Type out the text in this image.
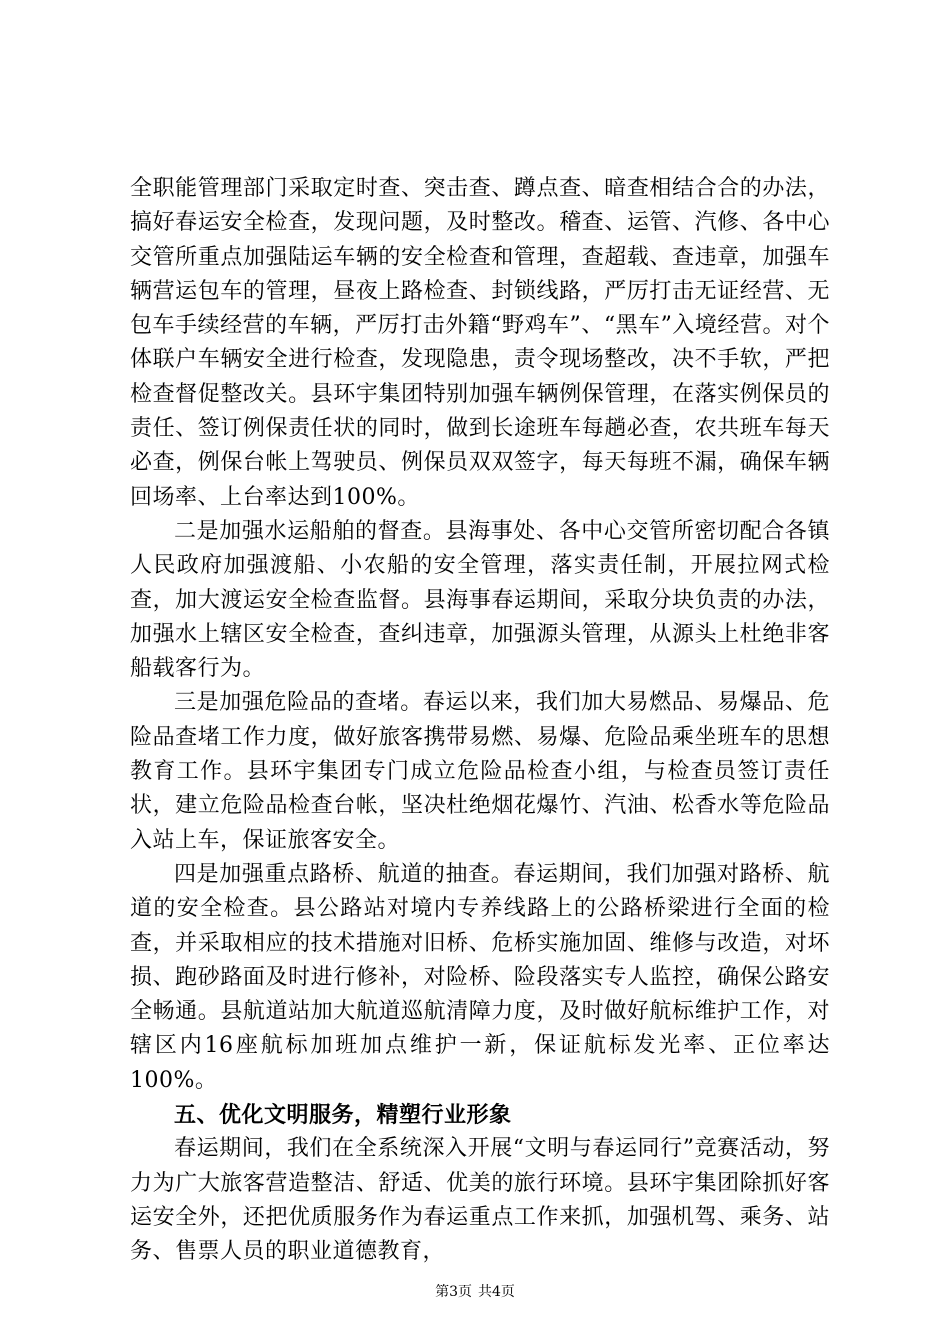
全职能管理部门采取定时查、突击查、蹲点查、暗查相结合合的办法，搞好春运安全检查，发现问题，及时整改。稽查、运管、汽修、各中心交管所重点加强陆运车辆的安全检查和管理，查超载、查违章，加强车辆营运包车的管理，昼夜上路检查、封锁线路，严厉打击无证经营、无包车手续经营的车辆，严厉打击外籍“野鸡车”、“黑车”入境经营。对个体联户车辆安全进行检查，发现隐患，责令现场整改，决不手软，严把检查督促整改关。县环宇集团特别加强车辆例保管理，在落实例保员的责任、签订例保责任状的同时，做到长途班车每趟必查，农共班车每天必查，例保台帐上驾驶员、例保员双双签字，每天每班不漏，确保车辆回场率、上台率达到100%。

二是加强水运船舶的督查。县海事处、各中心交管所密切配合各镇人民政府加强渡船、小农船的安全管理，落实责任制，开展拉网式检查，加大渡运安全检查监督。县海事春运期间，采取分块负责的办法，加强水上辖区安全检查，查纠违章，加强源头管理，从源头上杜绝非客船载客行为。

三是加强危险品的查堵。春运以来，我们加大易燃品、易爆品、危险品查堵工作力度，做好旅客携带易燃、易爆、危险品乘坐班车的思想教育工作。县环宇集团专门成立危险品检查小组，与检查员签订责任状，建立危险品检查台帐，坚决杜绝烟花爆竹、汽油、松香水等危险品入站上车，保证旅客安全。

四是加强重点路桥、航道的抽查。春运期间，我们加强对路桥、航道的安全检查。县公路站对境内专养线路上的公路桥梁进行全面的检查，并采取相应的技术措施对旧桥、危桥实施加固、维修与改造，对坏损、跑砂路面及时进行修补，对险桥、险段落实专人监控，确保公路安全畅通。县航道站加大航道巡航清障力度，及时做好航标维护工作，对辖区内16座航标加班加点维护一新，保证航标发光率、正位率达100%。

五、优化文明服务，精塑行业形象

春运期间，我们在全系统深入开展“文明与春运同行”竞赛活动，努力为广大旅客营造整洁、舒适、优美的旅行环境。县环宇集团除抓好客运安全外，还把优质服务作为春运重点工作来抓，加强机驾、乘务、站务、售票人员的职业道德教育，

第3页 共4页
